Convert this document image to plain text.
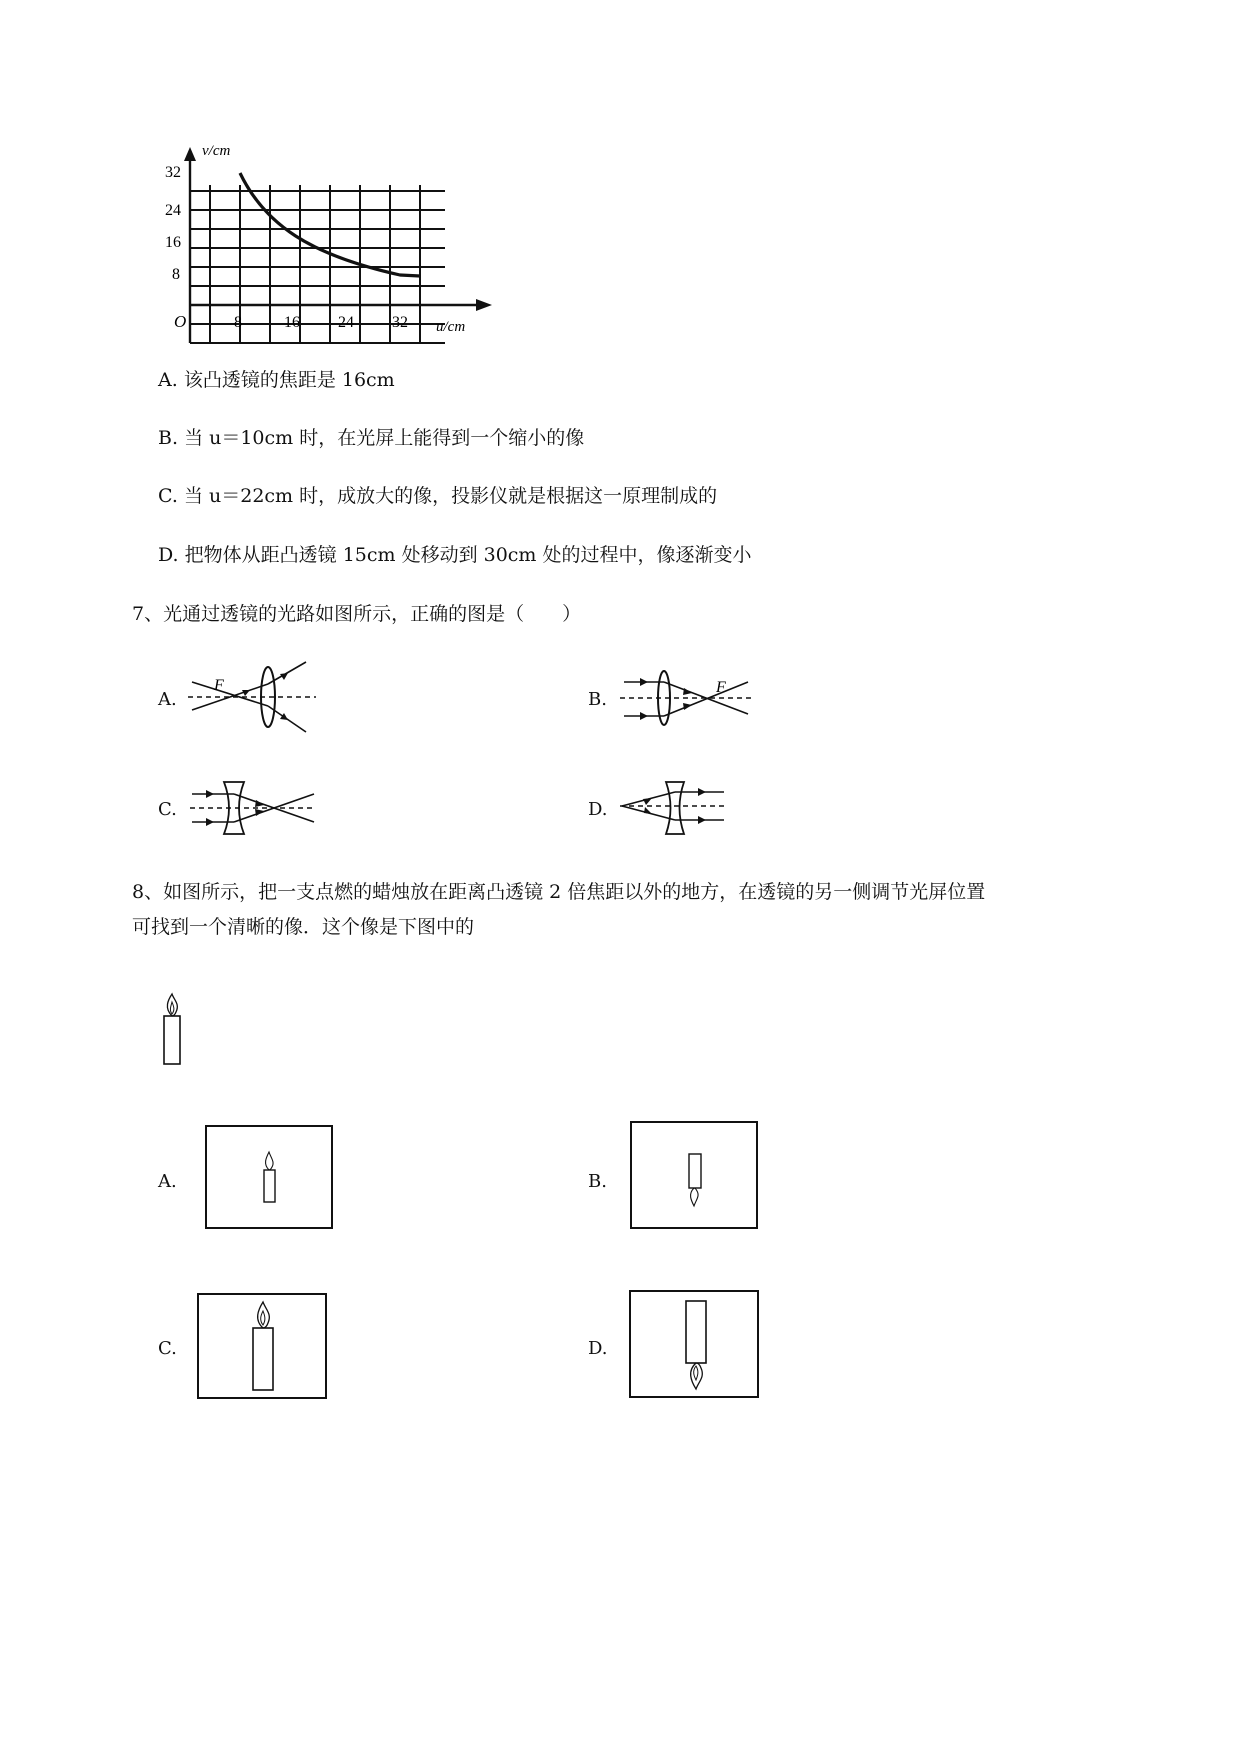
v/cm
u/cm
O
32
24
16
8
8	16 24 32
A. 该凸透镜的焦距是 16cm
B. 当 u＝10cm 时，在光屏上能得到一个缩小的像
C. 当 u＝22cm 时，成放大的像，投影仪就是根据这一原理制成的
D. 把物体从距凸透镜 15cm 处移动到 30cm 处的过程中，像逐渐变小
7、光通过透镜的光路如图所示，正确的图是（　　）
A.
F
B.
F
C.	D.
8、如图所示，把一支点燃的蜡烛放在距离凸透镜 2 倍焦距以外的地方，在透镜的另一侧调节光屏位置
可找到一个清晰的像．这个像是下图中的
A.	B.
C.	D.
